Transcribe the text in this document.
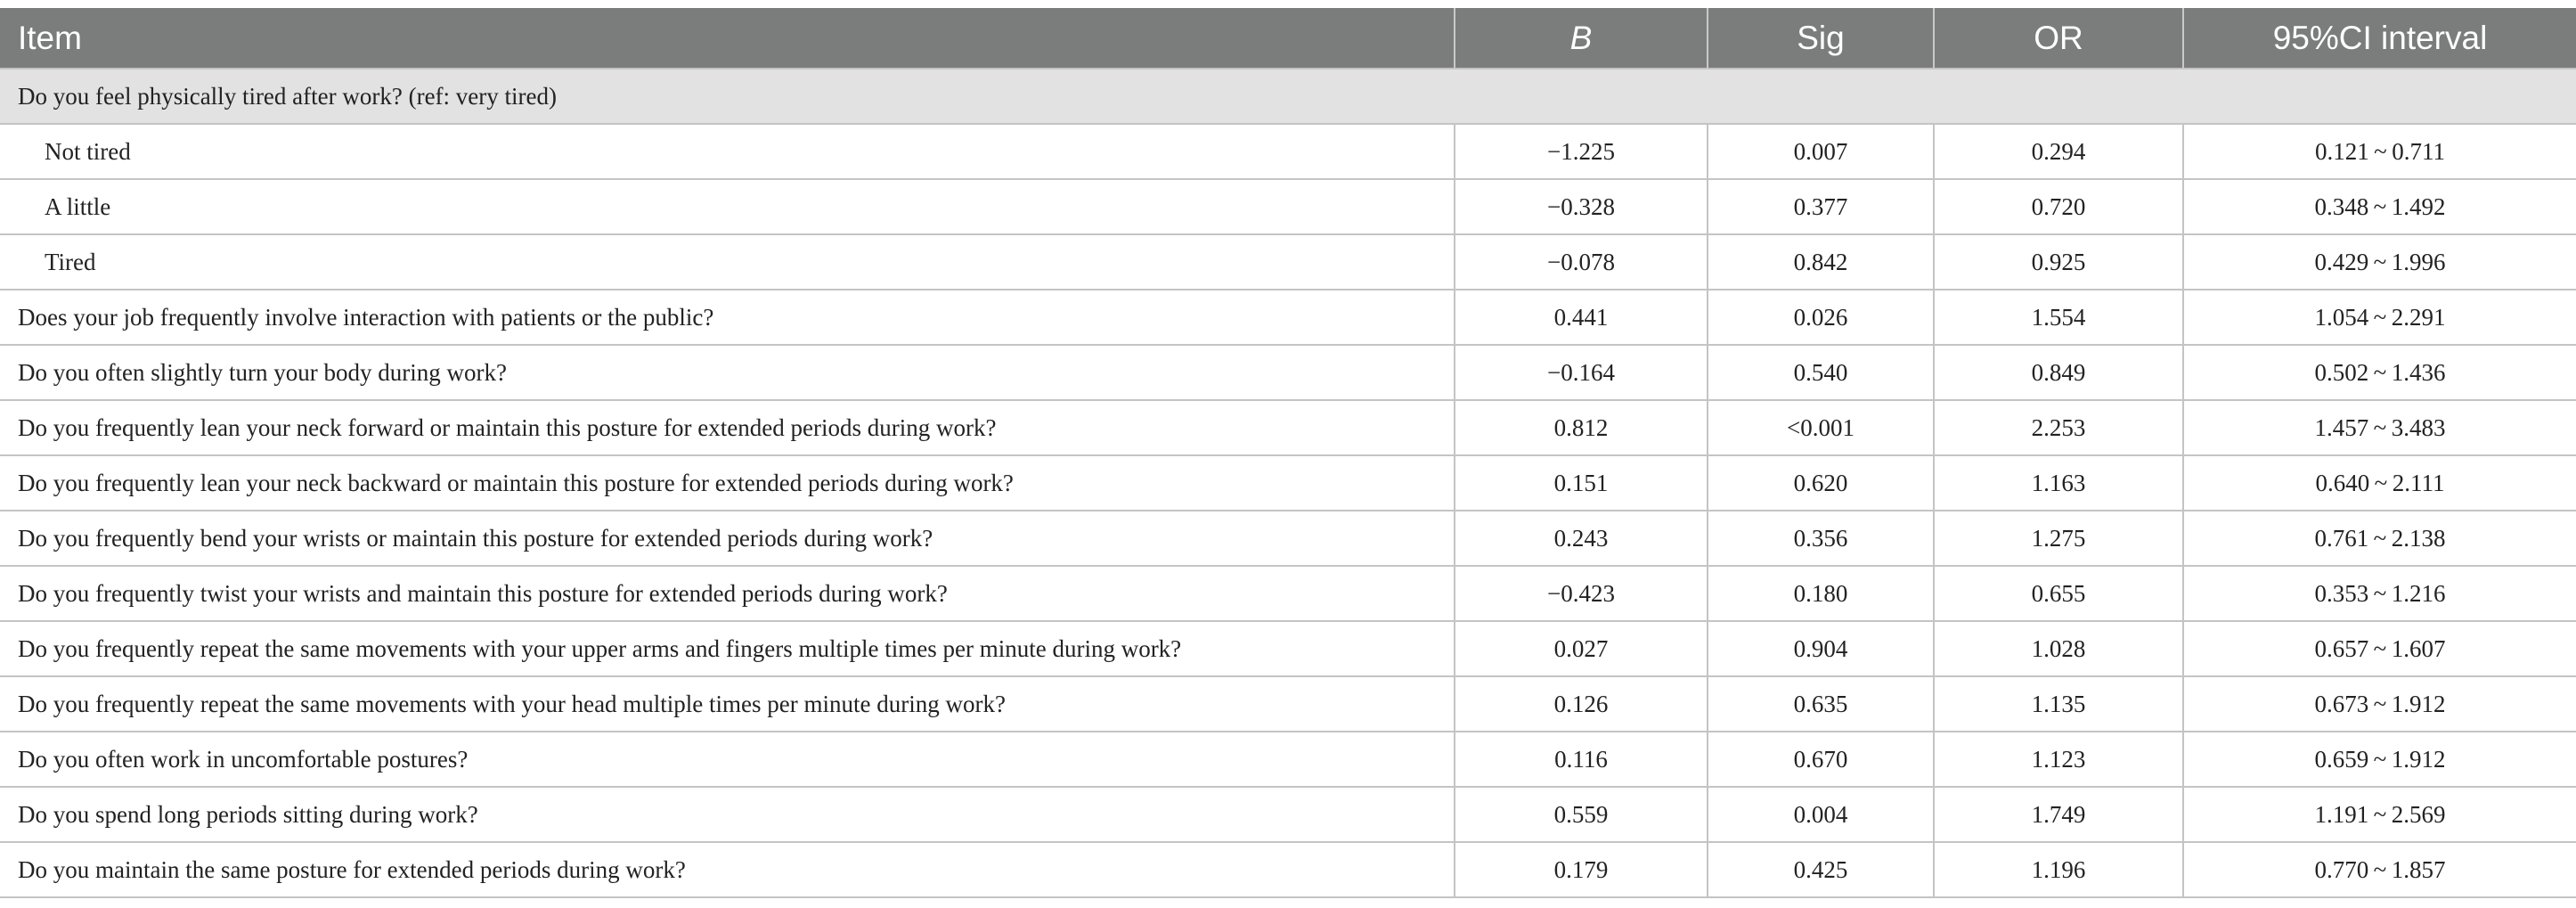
Item	B	Sig	OR	95%CI interval
Do you feel physically tired after work? (ref: very tired)				
Not tired	−1.225	0.007	0.294	0.121 ~ 0.711
A little	−0.328	0.377	0.720	0.348 ~ 1.492
Tired	−0.078	0.842	0.925	0.429 ~ 1.996
Does your job frequently involve interaction with patients or the public?	0.441	0.026	1.554	1.054 ~ 2.291
Do you often slightly turn your body during work?	−0.164	0.540	0.849	0.502 ~ 1.436
Do you frequently lean your neck forward or maintain this posture for extended periods during work?	0.812	<0.001	2.253	1.457 ~ 3.483
Do you frequently lean your neck backward or maintain this posture for extended periods during work?	0.151	0.620	1.163	0.640 ~ 2.111
Do you frequently bend your wrists or maintain this posture for extended periods during work?	0.243	0.356	1.275	0.761 ~ 2.138
Do you frequently twist your wrists and maintain this posture for extended periods during work?	−0.423	0.180	0.655	0.353 ~ 1.216
Do you frequently repeat the same movements with your upper arms and fingers multiple times per minute during work?	0.027	0.904	1.028	0.657 ~ 1.607
Do you frequently repeat the same movements with your head multiple times per minute during work?	0.126	0.635	1.135	0.673 ~ 1.912
Do you often work in uncomfortable postures?	0.116	0.670	1.123	0.659 ~ 1.912
Do you spend long periods sitting during work?	0.559	0.004	1.749	1.191 ~ 2.569
Do you maintain the same posture for extended periods during work?	0.179	0.425	1.196	0.770 ~ 1.857
